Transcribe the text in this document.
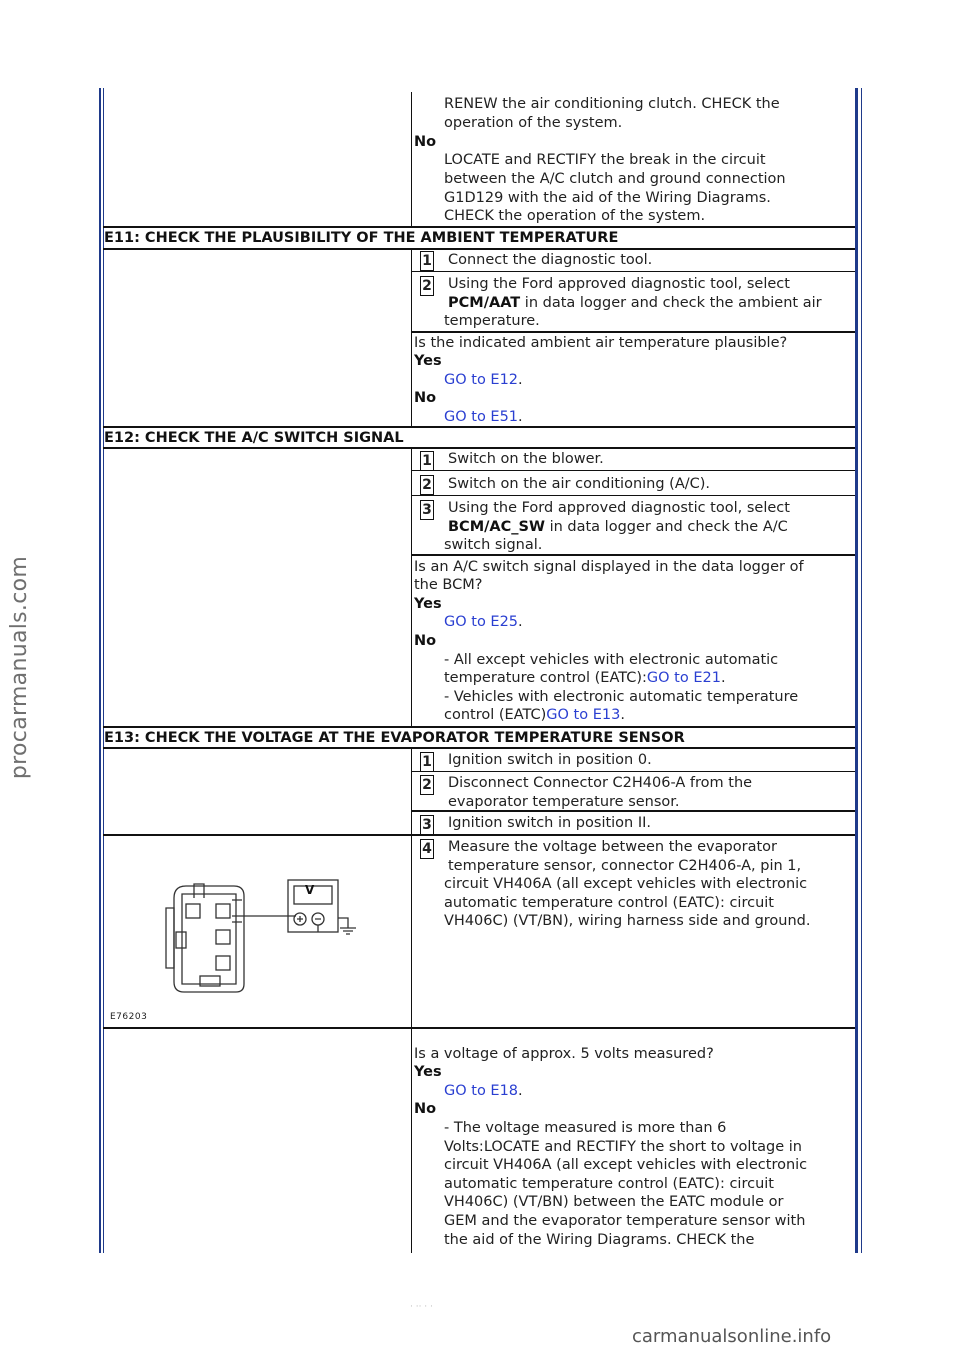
procarmanuals.com
carmanualsonline.info
· ·· · ·
RENEW the air conditioning clutch. CHECK the
operation of the system.
No
LOCATE and RECTIFY the break in the circuit
between the A/C clutch and ground connection
G1D129 with the aid of the Wiring Diagrams.
CHECK the operation of the system.
E11: CHECK THE PLAUSIBILITY OF THE AMBIENT TEMPERATURE
1 Connect the diagnostic tool.
2 Using the Ford approved diagnostic tool, select
PCM/AAT in data logger and check the ambient air
temperature.
Is the indicated ambient air temperature plausible?
Yes
GO to E12.
No
GO to E51.
E12: CHECK THE A/C SWITCH SIGNAL
1 Switch on the blower.
2 Switch on the air conditioning (A/C).
3 Using the Ford approved diagnostic tool, select
BCM/AC_SW in data logger and check the A/C
switch signal.
Is an A/C switch signal displayed in the data logger of
the BCM?
Yes
GO to E25.
No
- All except vehicles with electronic automatic
temperature control (EATC):GO to E21.
- Vehicles with electronic automatic temperature
control (EATC)GO to E13.
E13: CHECK THE VOLTAGE AT THE EVAPORATOR TEMPERATURE SENSOR
1 Ignition switch in position 0.
2 Disconnect Connector C2H406-A from the
evaporator temperature sensor.
3 Ignition switch in position II.
4 Measure the voltage between the evaporator
temperature sensor, connector C2H406-A, pin 1,
circuit VH406A (all except vehicles with electronic
automatic temperature control (EATC): circuit
VH406C) (VT/BN), wiring harness side and ground.
V
E76203
Is a voltage of approx. 5 volts measured?
Yes
GO to E18.
No
- The voltage measured is more than 6
Volts:LOCATE and RECTIFY the short to voltage in
circuit VH406A (all except vehicles with electronic
automatic temperature control (EATC): circuit
VH406C) (VT/BN) between the EATC module or
GEM and the evaporator temperature sensor with
the aid of the Wiring Diagrams. CHECK the
